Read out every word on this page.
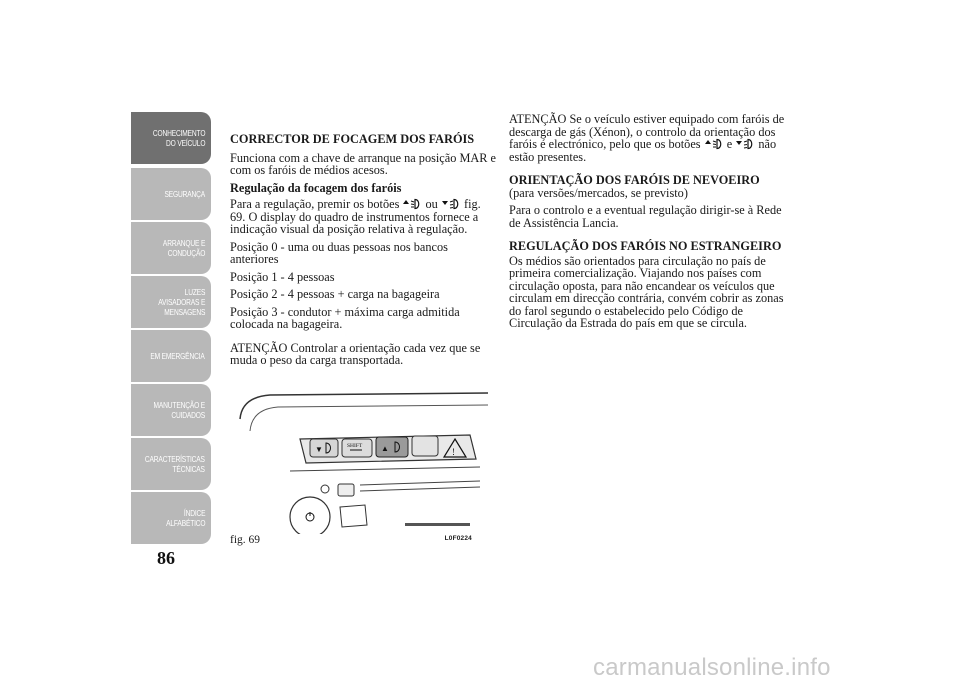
CONHECIMENTO
DO VEÍCULO
SEGURANÇA
ARRANQUE E
CONDUÇÃO
LUZES
AVISADORAS E
MENSAGENS
EM EMERGÊNCIA
MANUTENÇÃO E
CUIDADOS
CARACTERÍSTICAS
TÉCNICAS
ÍNDICE
ALFABÉTICO
86
CORRECTOR DE FOCAGEM DOS FARÓIS

Funciona com a chave de arranque na posição MAR e com os faróis de médios acesos.

Regulação da focagem dos faróis

Para a regulação, premir os botões ou fig. 69. O display do quadro de instrumentos fornece a indicação visual da posição relativa à regulação.

Posição 0 - uma ou duas pessoas nos bancos anteriores

Posição 1 - 4 pessoas

Posição 2 - 4 pessoas + carga na bagageira

Posição 3 - condutor + máxima carga admitida colocada na bagageira.

ATENÇÃO Controlar a orientação cada vez que se muda o peso da carga transportada.

ATENÇÃO Se o veículo estiver equipado com faróis de descarga de gás (Xénon), o controlo da orientação dos faróis é electrónico, pelo que os botões e não estão presentes.

ORIENTAÇÃO DOS FARÓIS DE NEVOEIRO

(para versões/mercados, se previsto)

Para o controlo e a eventual regulação dirigir-se à Rede de Assistência Lancia.

REGULAÇÃO DOS FARÓIS NO ESTRANGEIRO

Os médios são orientados para circulação no país de primeira comercialização. Viajando nos países com circulação oposta, para não encandear os veículos que circulam em direcção contrária, convém cobrir as zonas do farol segundo o estabelecido pelo Código de Circulação da Estrada do país em que se circula.

▼	SHIFT ▲	!
fig. 69	L0F0224
carmanualsonline.info
